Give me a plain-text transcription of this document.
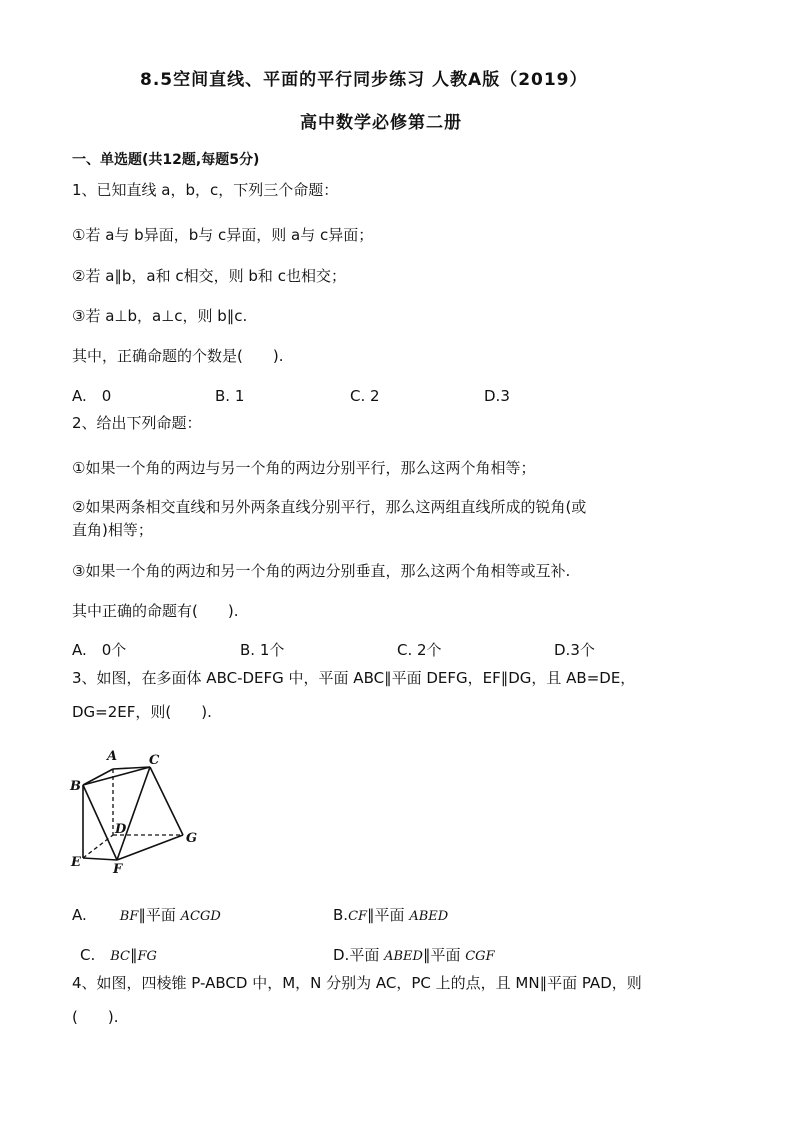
8.5空间直线、平面的平行同步练习 人教A版（2019）
高中数学必修第二册
一、单选题(共12题,每题5分)
1、已知直线 a，b，c，下列三个命题：
①若 a与 b异面，b与 c异面，则 a与 c异面；
②若 a∥b，a和 c相交，则 b和 c也相交；
③若 a⊥b，a⊥c，则 b∥c.
其中，正确命题的个数是(　　).
A.　0	B. 1	C. 2	D.3
2、给出下列命题：
①如果一个角的两边与另一个角的两边分别平行，那么这两个角相等；
②如果两条相交直线和另外两条直线分别平行，那么这两组直线所成的锐角(或
直角)相等；
③如果一个角的两边和另一个角的两边分别垂直，那么这两个角相等或互补.
其中正确的命题有(　　).
A.　0个	B. 1个	C. 2个	D.3个
3、如图，在多面体 ABC-DEFG 中，平面 ABC∥平面 DEFG，EF∥DG，且 AB=DE，
DG=2EF，则(　　).
A C
B
D
G
E F
A.　BF∥平面 ACGD	B.CF∥平面 ABED
C.　BC∥FG	D.平面 ABED∥平面 CGF
4、如图，四棱锥 P-ABCD 中，M，N 分别为 AC，PC 上的点，且 MN∥平面 PAD，则
(　　).
